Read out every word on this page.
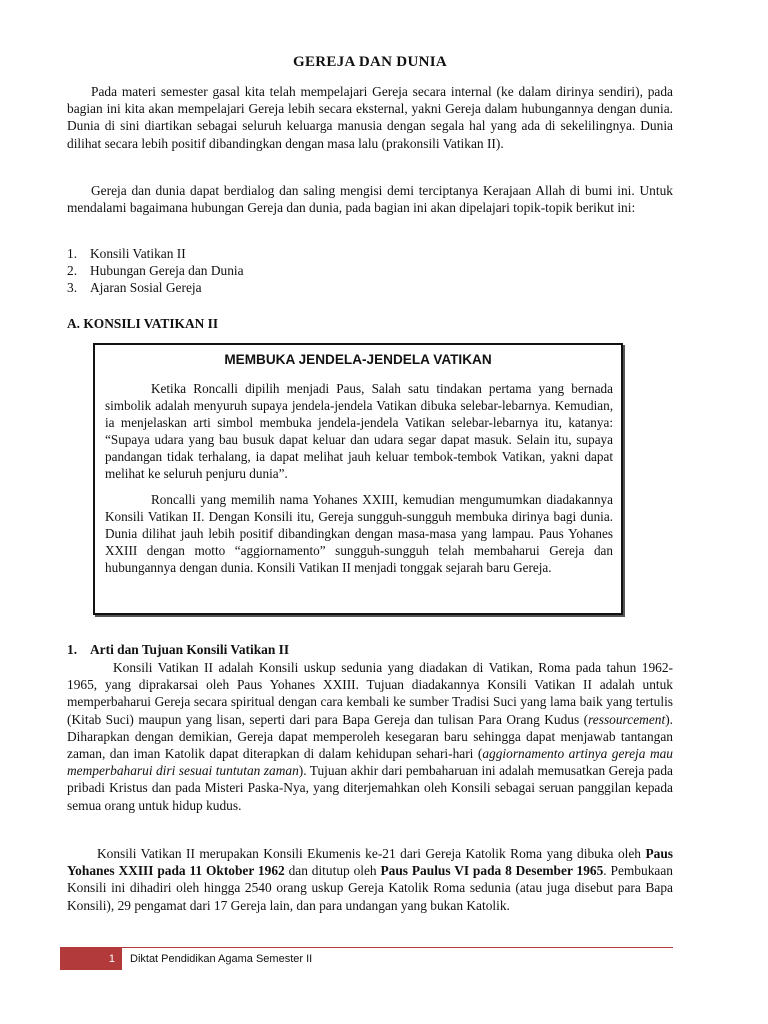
GEREJA DAN DUNIA

Pada materi semester gasal kita telah mempelajari Gereja secara internal (ke dalam dirinya sendiri), pada bagian ini kita akan mempelajari Gereja lebih secara eksternal, yakni Gereja dalam hubungannya dengan dunia. Dunia di sini diartikan sebagai seluruh keluarga manusia dengan segala hal yang ada di sekelilingnya. Dunia dilihat secara lebih positif dibandingkan dengan masa lalu (prakonsili Vatikan II).

Gereja dan dunia dapat berdialog dan saling mengisi demi terciptanya Kerajaan Allah di bumi ini. Untuk mendalami bagaimana hubungan Gereja dan dunia, pada bagian ini akan dipelajari topik-topik berikut ini:

1. Konsili Vatikan II
2. Hubungan Gereja dan Dunia
3. Ajaran Sosial Gereja
A. KONSILI VATIKAN II
MEMBUKA JENDELA-JENDELA VATIKAN

Ketika Roncalli dipilih menjadi Paus, Salah satu tindakan pertama yang bernada simbolik adalah menyuruh supaya jendela-jendela Vatikan dibuka selebar-lebarnya. Kemudian, ia menjelaskan arti simbol membuka jendela-jendela Vatikan selebar-lebarnya itu, katanya: “Supaya udara yang bau busuk dapat keluar dan udara segar dapat masuk. Selain itu, supaya pandangan tidak terhalang, ia dapat melihat jauh keluar tembok-tembok Vatikan, yakni dapat melihat ke seluruh penjuru dunia”.

Roncalli yang memilih nama Yohanes XXIII, kemudian mengumumkan diadakannya Konsili Vatikan II. Dengan Konsili itu, Gereja sungguh-sungguh membuka dirinya bagi dunia. Dunia dilihat jauh lebih positif dibandingkan dengan masa-masa yang lampau. Paus Yohanes XXIII dengan motto “aggiornamento” sungguh-sungguh telah membaharui Gereja dan hubungannya dengan dunia. Konsili Vatikan II menjadi tonggak sejarah baru Gereja.

1. Arti dan Tujuan Konsili Vatikan II

Konsili Vatikan II adalah Konsili uskup sedunia yang diadakan di Vatikan, Roma pada tahun 1962-1965, yang diprakarsai oleh Paus Yohanes XXIII. Tujuan diadakannya Konsili Vatikan II adalah untuk memperbaharui Gereja secara spiritual dengan cara kembali ke sumber Tradisi Suci yang lama baik yang tertulis (Kitab Suci) maupun yang lisan, seperti dari para Bapa Gereja dan tulisan Para Orang Kudus (ressourcement). Diharapkan dengan demikian, Gereja dapat memperoleh kesegaran baru sehingga dapat menjawab tantangan zaman, dan iman Katolik dapat diterapkan di dalam kehidupan sehari-hari (aggiornamento artinya gereja mau memperbaharui diri sesuai tuntutan zaman). Tujuan akhir dari pembaharuan ini adalah memusatkan Gereja pada pribadi Kristus dan pada Misteri Paska-Nya, yang diterjemahkan oleh Konsili sebagai seruan panggilan kepada semua orang untuk hidup kudus.

Konsili Vatikan II merupakan Konsili Ekumenis ke-21 dari Gereja Katolik Roma yang dibuka oleh Paus Yohanes XXIII pada 11 Oktober 1962 dan ditutup oleh Paus Paulus VI pada 8 Desember 1965. Pembukaan Konsili ini dihadiri oleh hingga 2540 orang uskup Gereja Katolik Roma sedunia (atau juga disebut para Bapa Konsili), 29 pengamat dari 17 Gereja lain, dan para undangan yang bukan Katolik.

1	Diktat Pendidikan Agama Semester II
